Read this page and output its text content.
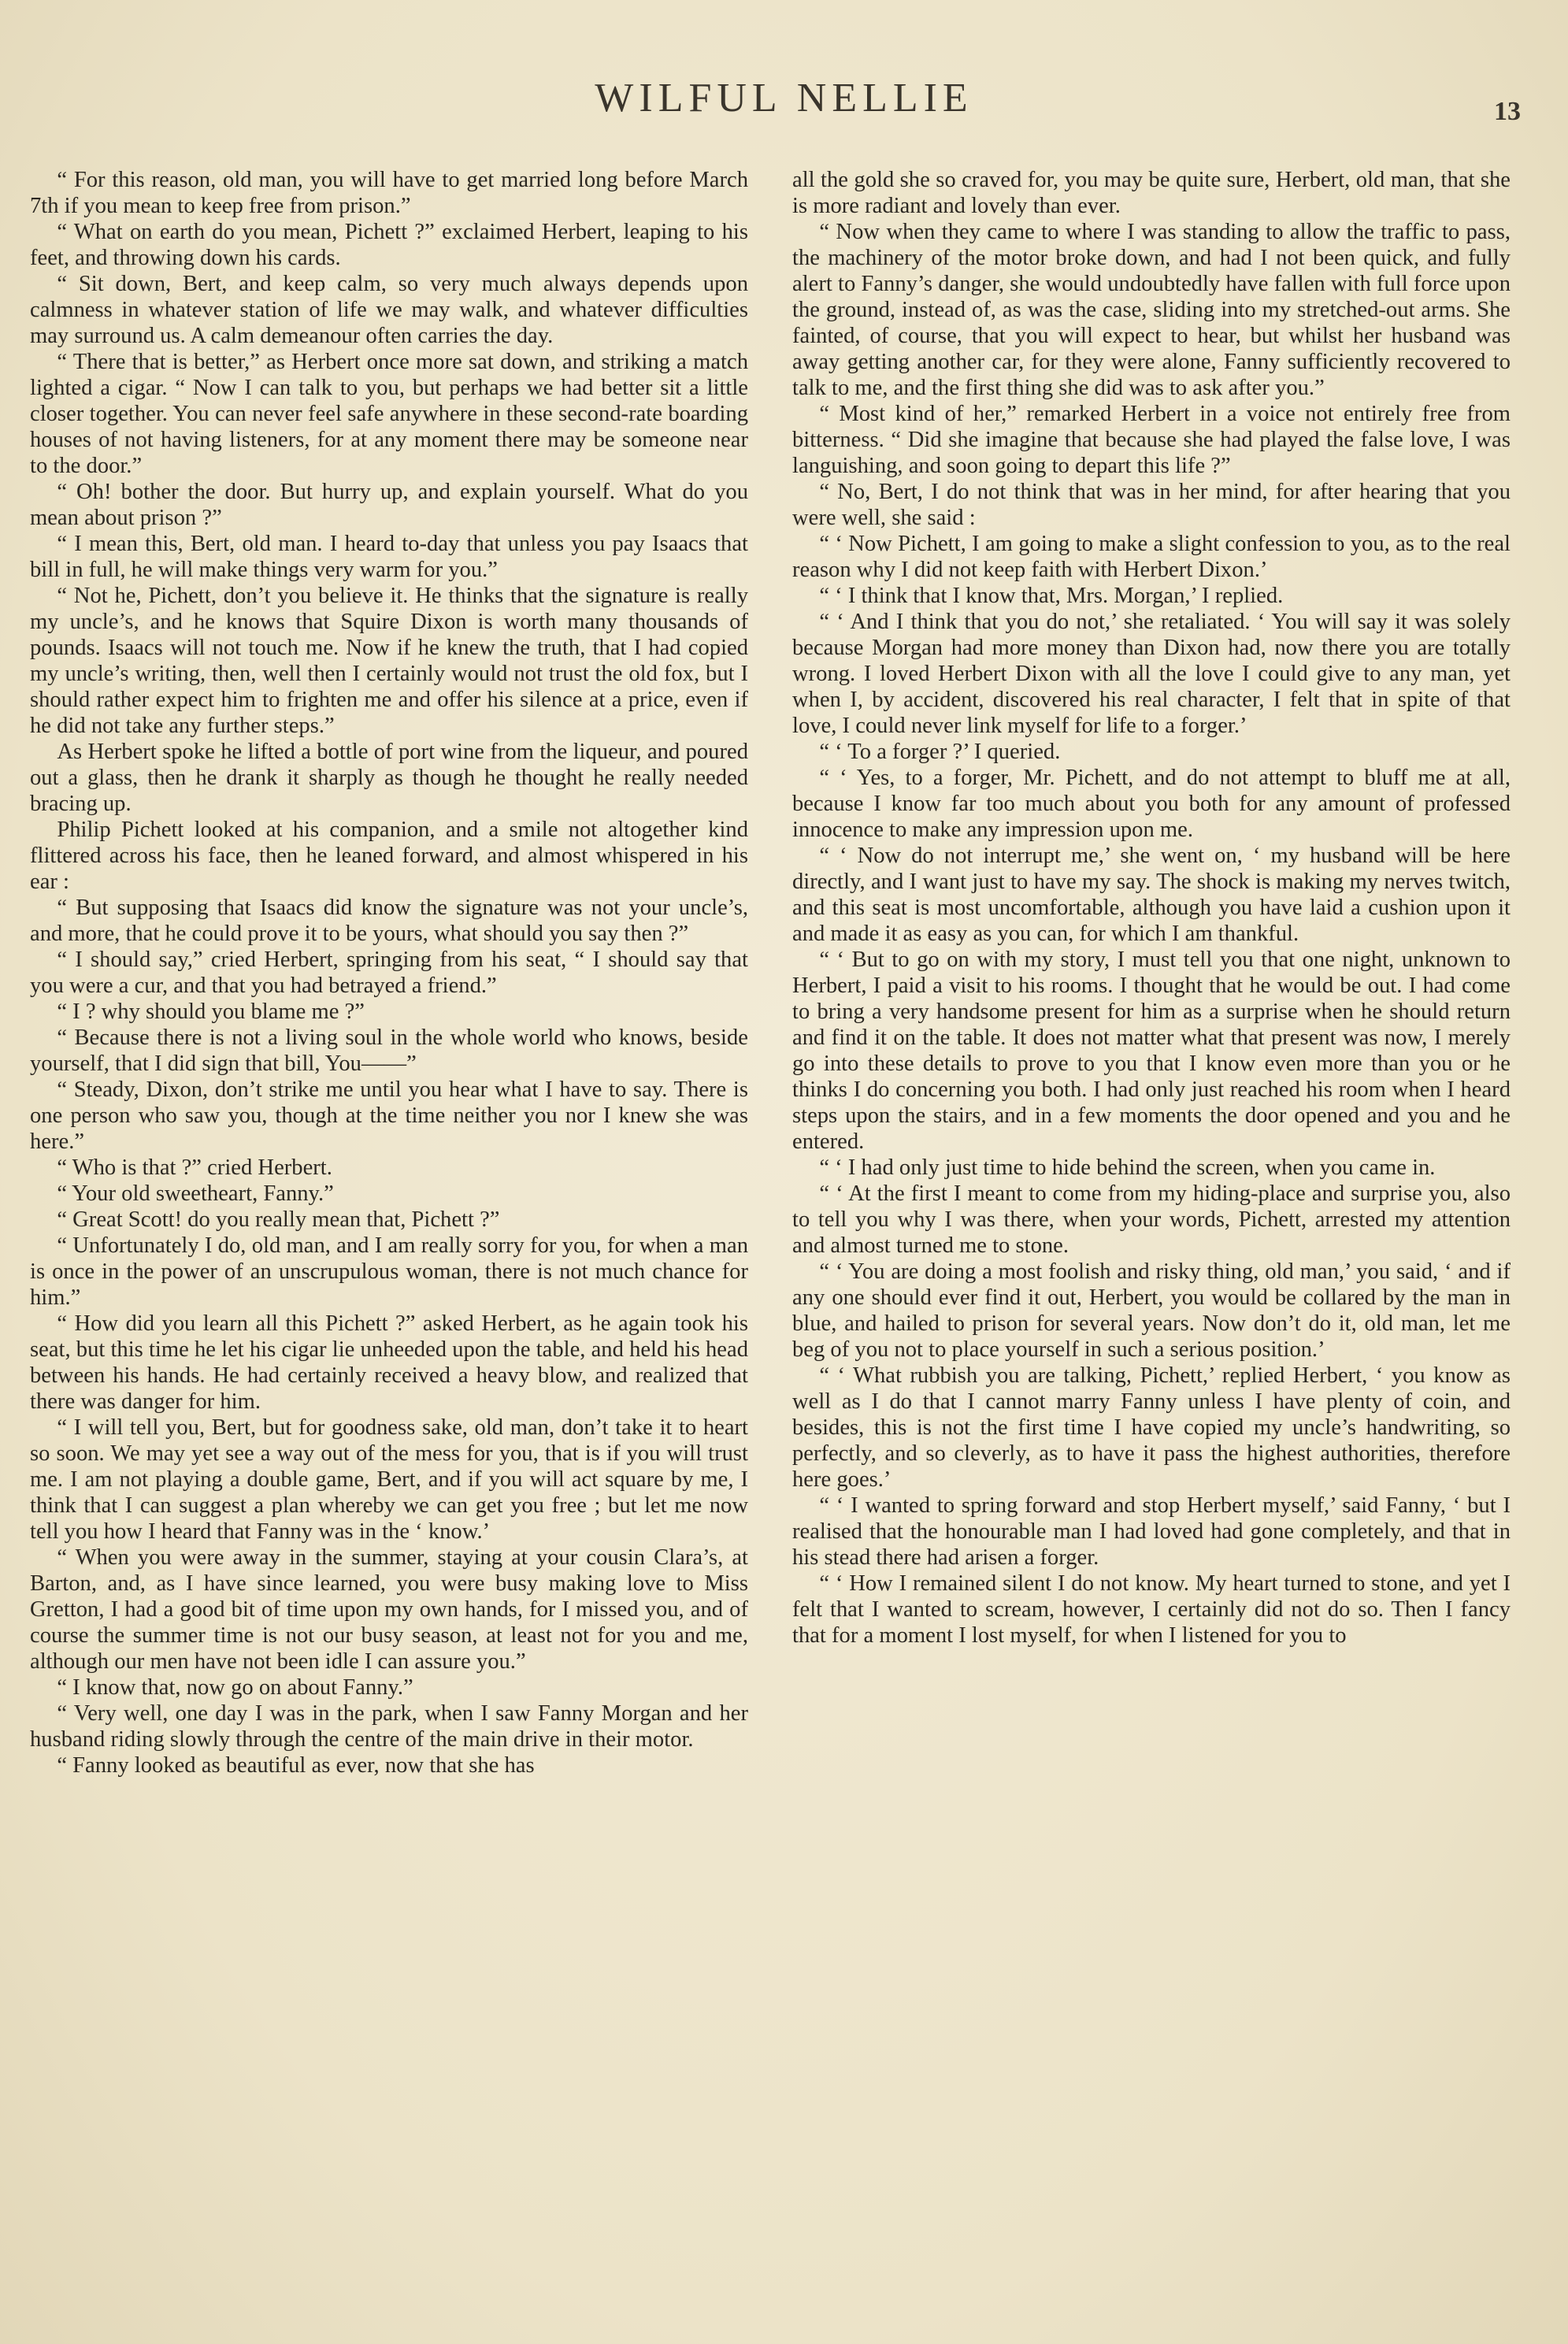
WILFUL NELLIE	13

“ For this reason, old man, you will have to get married long before March 7th if you mean to keep free from prison.”

“ What on earth do you mean, Pichett ?” exclaimed Herbert, leaping to his feet, and throwing down his cards.

“ Sit down, Bert, and keep calm, so very much always depends upon calmness in whatever station of life we may walk, and whatever difficulties may surround us. A calm demeanour often carries the day.

“ There that is better,” as Herbert once more sat down, and striking a match lighted a cigar. “ Now I can talk to you, but perhaps we had better sit a little closer together. You can never feel safe anywhere in these second-rate boarding houses of not having listeners, for at any moment there may be someone near to the door.”

“ Oh! bother the door. But hurry up, and explain yourself. What do you mean about prison ?”

“ I mean this, Bert, old man. I heard to-day that unless you pay Isaacs that bill in full, he will make things very warm for you.”

“ Not he, Pichett, don’t you believe it. He thinks that the signature is really my uncle’s, and he knows that Squire Dixon is worth many thousands of pounds. Isaacs will not touch me. Now if he knew the truth, that I had copied my uncle’s writing, then, well then I certainly would not trust the old fox, but I should rather expect him to frighten me and offer his silence at a price, even if he did not take any further steps.”

As Herbert spoke he lifted a bottle of port wine from the liqueur, and poured out a glass, then he drank it sharply as though he thought he really needed bracing up.

Philip Pichett looked at his companion, and a smile not altogether kind flittered across his face, then he leaned forward, and almost whispered in his ear :

“ But supposing that Isaacs did know the signature was not your uncle’s, and more, that he could prove it to be yours, what should you say then ?”

“ I should say,” cried Herbert, springing from his seat, “ I should say that you were a cur, and that you had betrayed a friend.”

“ I ? why should you blame me ?”

“ Because there is not a living soul in the whole world who knows, beside yourself, that I did sign that bill, You——”

“ Steady, Dixon, don’t strike me until you hear what I have to say. There is one person who saw you, though at the time neither you nor I knew she was here.”

“ Who is that ?” cried Herbert.

“ Your old sweetheart, Fanny.”

“ Great Scott! do you really mean that, Pichett ?”

“ Unfortunately I do, old man, and I am really sorry for you, for when a man is once in the power of an unscrupulous woman, there is not much chance for him.”

“ How did you learn all this Pichett ?” asked Herbert, as he again took his seat, but this time he let his cigar lie unheeded upon the table, and held his head between his hands. He had certainly received a heavy blow, and realized that there was danger for him.

“ I will tell you, Bert, but for goodness sake, old man, don’t take it to heart so soon. We may yet see a way out of the mess for you, that is if you will trust me. I am not playing a double game, Bert, and if you will act square by me, I think that I can suggest a plan whereby we can get you free ; but let me now tell you how I heard that Fanny was in the ‘ know.’

“ When you were away in the summer, staying at your cousin Clara’s, at Barton, and, as I have since learned, you were busy making love to Miss Gretton, I had a good bit of time upon my own hands, for I missed you, and of course the summer time is not our busy season, at least not for you and me, although our men have not been idle I can assure you.”

“ I know that, now go on about Fanny.”

“ Very well, one day I was in the park, when I saw Fanny Morgan and her husband riding slowly through the centre of the main drive in their motor.

“ Fanny looked as beautiful as ever, now that she has

all the gold she so craved for, you may be quite sure, Herbert, old man, that she is more radiant and lovely than ever.

“ Now when they came to where I was standing to allow the traffic to pass, the machinery of the motor broke down, and had I not been quick, and fully alert to Fanny’s danger, she would undoubtedly have fallen with full force upon the ground, instead of, as was the case, sliding into my stretched-out arms. She fainted, of course, that you will expect to hear, but whilst her husband was away getting another car, for they were alone, Fanny sufficiently recovered to talk to me, and the first thing she did was to ask after you.”

“ Most kind of her,” remarked Herbert in a voice not entirely free from bitterness. “ Did she imagine that because she had played the false love, I was languishing, and soon going to depart this life ?”

“ No, Bert, I do not think that was in her mind, for after hearing that you were well, she said :

“ ‘ Now Pichett, I am going to make a slight confession to you, as to the real reason why I did not keep faith with Herbert Dixon.’

“ ‘ I think that I know that, Mrs. Morgan,’ I replied.

“ ‘ And I think that you do not,’ she retaliated. ‘ You will say it was solely because Morgan had more money than Dixon had, now there you are totally wrong. I loved Herbert Dixon with all the love I could give to any man, yet when I, by accident, discovered his real character, I felt that in spite of that love, I could never link myself for life to a forger.’

“ ‘ To a forger ?’ I queried.

“ ‘ Yes, to a forger, Mr. Pichett, and do not attempt to bluff me at all, because I know far too much about you both for any amount of professed innocence to make any impression upon me.

“ ‘ Now do not interrupt me,’ she went on, ‘ my husband will be here directly, and I want just to have my say. The shock is making my nerves twitch, and this seat is most uncomfortable, although you have laid a cushion upon it and made it as easy as you can, for which I am thankful.

“ ‘ But to go on with my story, I must tell you that one night, unknown to Herbert, I paid a visit to his rooms. I thought that he would be out. I had come to bring a very handsome present for him as a surprise when he should return and find it on the table. It does not matter what that present was now, I merely go into these details to prove to you that I know even more than you or he thinks I do concerning you both. I had only just reached his room when I heard steps upon the stairs, and in a few moments the door opened and you and he entered.

“ ‘ I had only just time to hide behind the screen, when you came in.

“ ‘ At the first I meant to come from my hiding-place and surprise you, also to tell you why I was there, when your words, Pichett, arrested my attention and almost turned me to stone.

“ ‘ You are doing a most foolish and risky thing, old man,’ you said, ‘ and if any one should ever find it out, Herbert, you would be collared by the man in blue, and hailed to prison for several years. Now don’t do it, old man, let me beg of you not to place yourself in such a serious position.’

“ ‘ What rubbish you are talking, Pichett,’ replied Herbert, ‘ you know as well as I do that I cannot marry Fanny unless I have plenty of coin, and besides, this is not the first time I have copied my uncle’s handwriting, so perfectly, and so cleverly, as to have it pass the highest authorities, therefore here goes.’

“ ‘ I wanted to spring forward and stop Herbert myself,’ said Fanny, ‘ but I realised that the honourable man I had loved had gone completely, and that in his stead there had arisen a forger.

“ ‘ How I remained silent I do not know. My heart turned to stone, and yet I felt that I wanted to scream, however, I certainly did not do so. Then I fancy that for a moment I lost myself, for when I listened for you to
